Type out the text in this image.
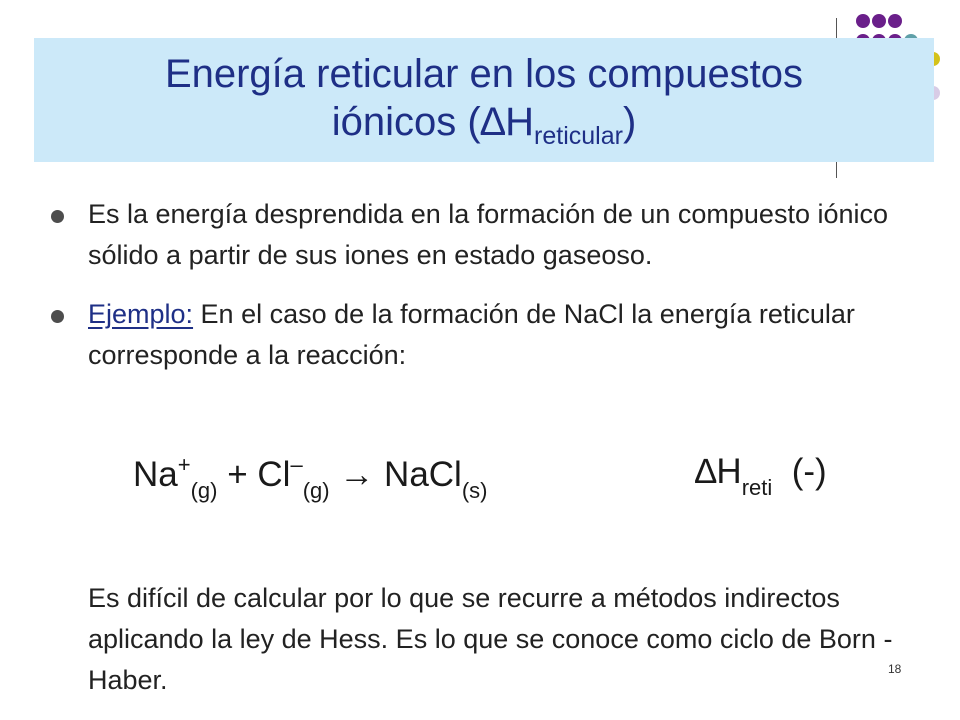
Energía reticular en los compuestos
iónicos $(\Delta H_{reticular})$
Es la energía desprendida en la formación de un compuesto iónico sólido a partir de sus iones en estado gaseoso.
Ejemplo: En el caso de la formación de NaCl la energía reticular corresponde a la reacción:
$Na^+_{(g)} + Cl^-_{(g)}$ → NaCl$_{(s)}$	$\Delta H_{reti}$ (-)
Es difícil de calcular por lo que se recurre a métodos indirectos aplicando la ley de Hess. Es lo que se conoce como ciclo de Born - Haber.	18
